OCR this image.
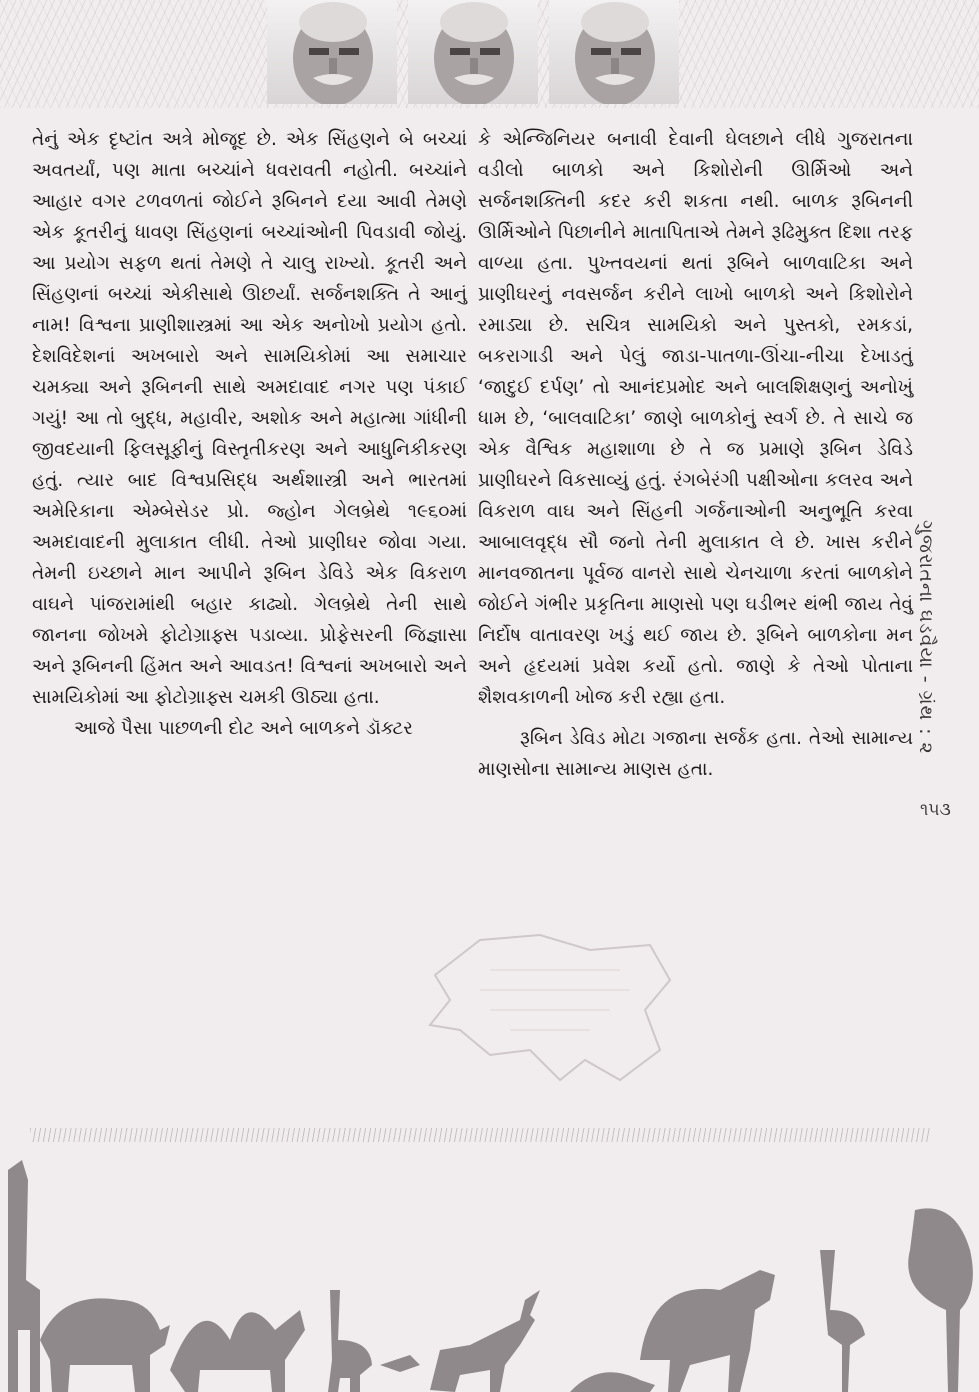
તેનું એક દૃષ્ટાંત અત્રે મોજૂદ છે. એક સિંહણને બે બચ્ચાં અવતર્યાં, પણ માતા બચ્ચાંને ધવરાવતી નહોતી. બચ્ચાંને આહાર વગર ટળવળતાં જોઈને રૂબિનને દયા આવી તેમણે એક કૂતરીનું ધાવણ સિંહણનાં બચ્ચાંઓની પિવડાવી જોયું. આ પ્રયોગ સફળ થતાં તેમણે તે ચાલુ રાખ્યો. કૂતરી અને સિંહણનાં બચ્ચાં એકીસાથે ઊછર્યાં. સર્જનશક્તિ તે આનું નામ! વિશ્વના પ્રાણીશાસ્ત્રમાં આ એક અનોખો પ્રયોગ હતો. દેશવિદેશનાં અખબારો અને સામયિકોમાં આ સમાચાર ચમક્યા અને રૂબિનની સાથે અમદાવાદ નગર પણ પંકાઈ ગયું! આ તો બુદ્ધ, મહાવીર, અશોક અને મહાત્મા ગાંધીની જીવદયાની ફિલસૂફીનું વિસ્તૃતીકરણ અને આધુનિકીકરણ હતું. ત્યાર બાદ વિશ્વપ્રસિદ્ધ અર્થશાસ્ત્રી અને ભારતમાં અમેરિકાના એમ્બેસેડર પ્રો. જ્હોન ગેલબ્રેથે ૧૯૬૦માં અમદાવાદની મુલાકાત લીધી. તેઓ પ્રાણીઘર જોવા ગયા. તેમની ઇચ્છાને માન આપીને રૂબિન ડેવિડે એક વિકરાળ વાઘને પાંજરામાંથી બહાર કાઢ્યો. ગેલબ્રેથે તેની સાથે જાનના જોખમે ફોટોગ્રાફ્સ પડાવ્યા. પ્રોફેસરની જિજ્ઞાસા અને રૂબિનની હિંમત અને આવડત! વિશ્વનાં અખબારો અને સામયિકોમાં આ ફોટોગ્રાફ્સ ચમકી ઊઠ્યા હતા.

આજે પૈસા પાછળની દોટ અને બાળકને ડૉક્ટર

કે એન્જિનિયર બનાવી દેવાની ઘેલછાને લીધે ગુજરાતના વડીલો બાળકો અને કિશોરોની ઊર્મિઓ અને સર્જનશક્તિની કદર કરી શકતા નથી. બાળક રૂબિનની ઊર્મિઓને પિછાનીને માતાપિતાએ તેમને રૂઢિમુક્ત દિશા તરફ વાળ્યા હતા. પુખ્તવયનાં થતાં રૂબિને બાળવાટિકા અને પ્રાણીઘરનું નવસર્જન કરીને લાખો બાળકો અને કિશોરોને રમાડ્યા છે. સચિત્ર સામયિકો અને પુસ્તકો, રમકડાં, બકરાગાડી અને પેલું જાડા-પાતળા-ઊંચા-નીચા દેખાડતું ‘જાદુઈ દર્પણ’ તો આનંદપ્રમોદ અને બાલશિક્ષણનું અનોખું ધામ છે, ‘બાલવાટિકા’ જાણે બાળકોનું સ્વર્ગ છે. તે સાચે જ એક વૈશ્વિક મહાશાળા છે તે જ પ્રમાણે રૂબિન ડેવિડે પ્રાણીઘરને વિકસાવ્યું હતું. રંગબેરંગી પક્ષીઓના કલરવ અને વિકરાળ વાઘ અને સિંહની ગર્જનાઓની અનુભૂતિ કરવા આબાલવૃદ્ધ સૌ જનો તેની મુલાકાત લે છે. ખાસ કરીને માનવજાતના પૂર્વજ વાનરો સાથે ચેનચાળા કરતાં બાળકોને જોઈને ગંભીર પ્રકૃતિના માણસો પણ ઘડીભર થંભી જાય તેવું નિર્દોષ વાતાવરણ ખડું થઈ જાય છે. રૂબિને બાળકોના મન અને હૃદયમાં પ્રવેશ કર્યો હતો. જાણે કે તેઓ પોતાના શૈશવકાળની ખોજ કરી રહ્યા હતા.

રૂબિન ડેવિડ મોટા ગજાના સર્જક હતા. તેઓ સામાન્ય માણસોના સામાન્ય માણસ હતા.

ગુજરાતના ઘડવૈયા - ગ્રંથ : ૨
૧૫૩
